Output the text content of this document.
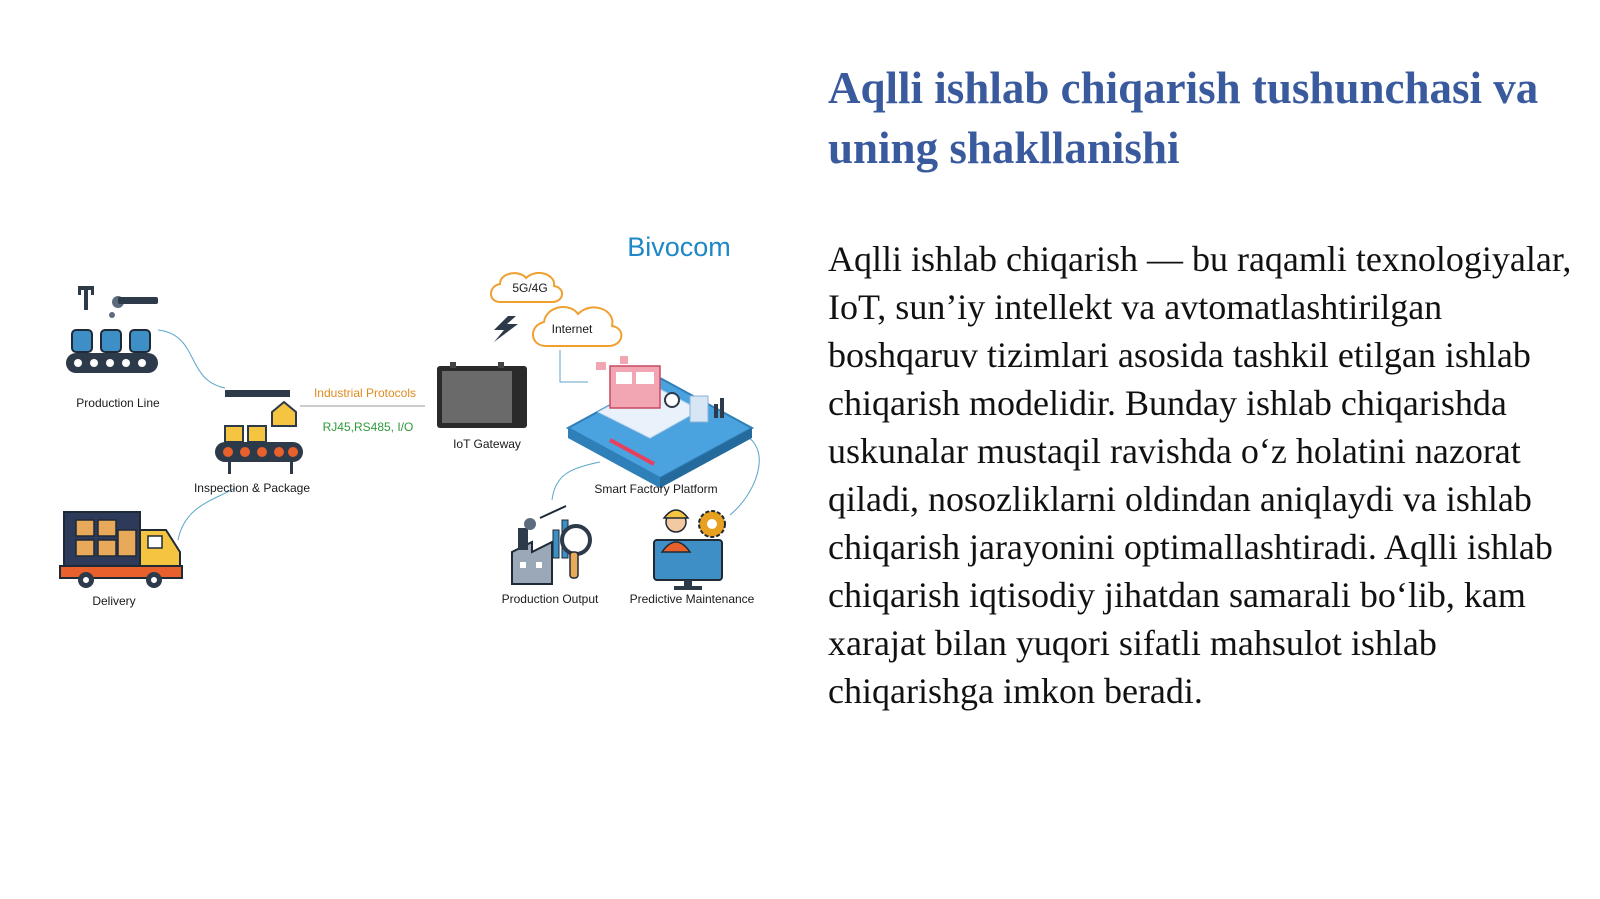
Production Line
Inspection & Package
Delivery
Industrial Protocols
RJ45,RS485, I/O
IoT Gateway
5G/4G
Internet
Bivocom
Smart Factory Platform
Production Output	Predictive Maintenance
Aqlli ishlab chiqarish tushunchasi va uning shakllanishi

Aqlli ishlab chiqarish — bu raqamli texnologiyalar, IoT, sun’iy intellekt va avtomatlashtirilgan boshqaruv tizimlari asosida tashkil etilgan ishlab chiqarish modelidir. Bunday ishlab chiqarishda uskunalar mustaqil ravishda o‘z holatini nazorat qiladi, nosozliklarni oldindan aniqlaydi va ishlab chiqarish jarayonini optimallashtiradi. Aqlli ishlab chiqarish iqtisodiy jihatdan samarali bo‘lib, kam xarajat bilan yuqori sifatli mahsulot ishlab chiqarishga imkon beradi.
